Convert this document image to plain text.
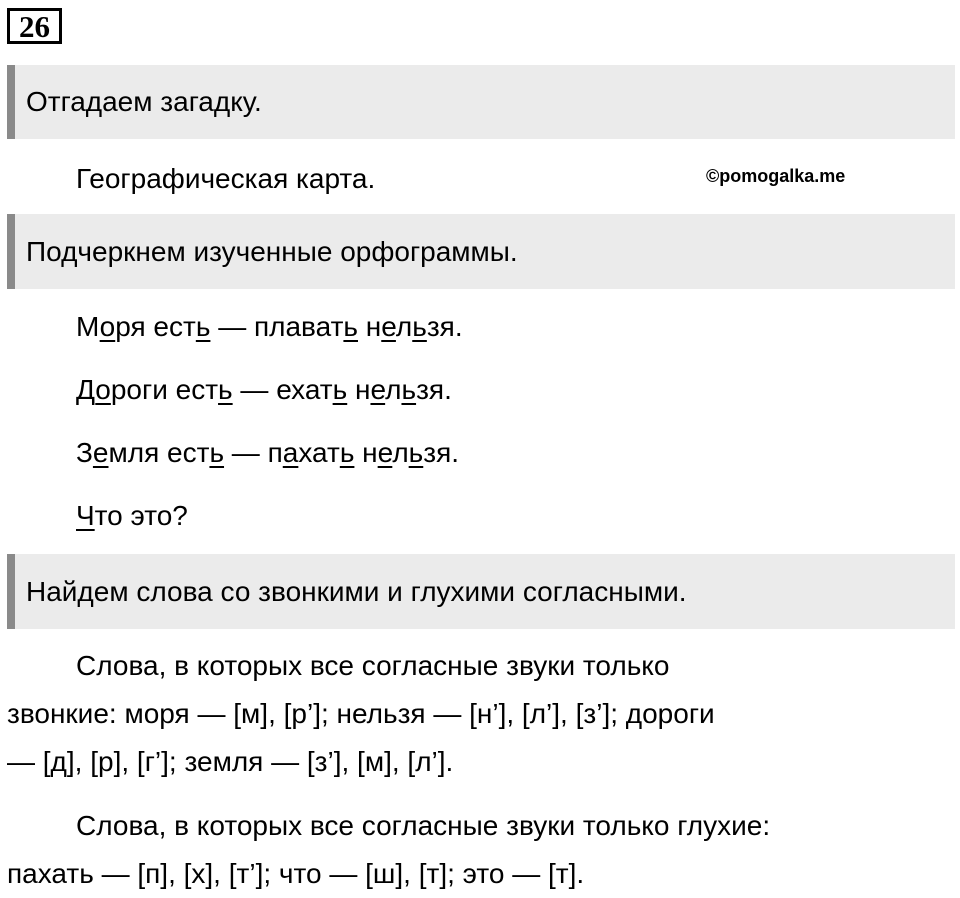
26
Отгадаем загадку.
Географическая карта.	©pomogalka.me
Подчеркнем изученные орфограммы.
Моря есть — плавать нельзя.
Дороги есть — ехать нельзя.
Земля есть — пахать нельзя.
Что это?
Найдем слова со звонкими и глухими согласными.
Слова, в которых все согласные звуки только
звонкие: моря — [м], [р’]; нельзя — [н’], [л’], [з’]; дороги
— [д], [р], [г’]; земля — [з’], [м], [л’].
Слова, в которых все согласные звуки только глухие:
пахать — [п], [х], [т’]; что — [ш], [т]; это — [т].
